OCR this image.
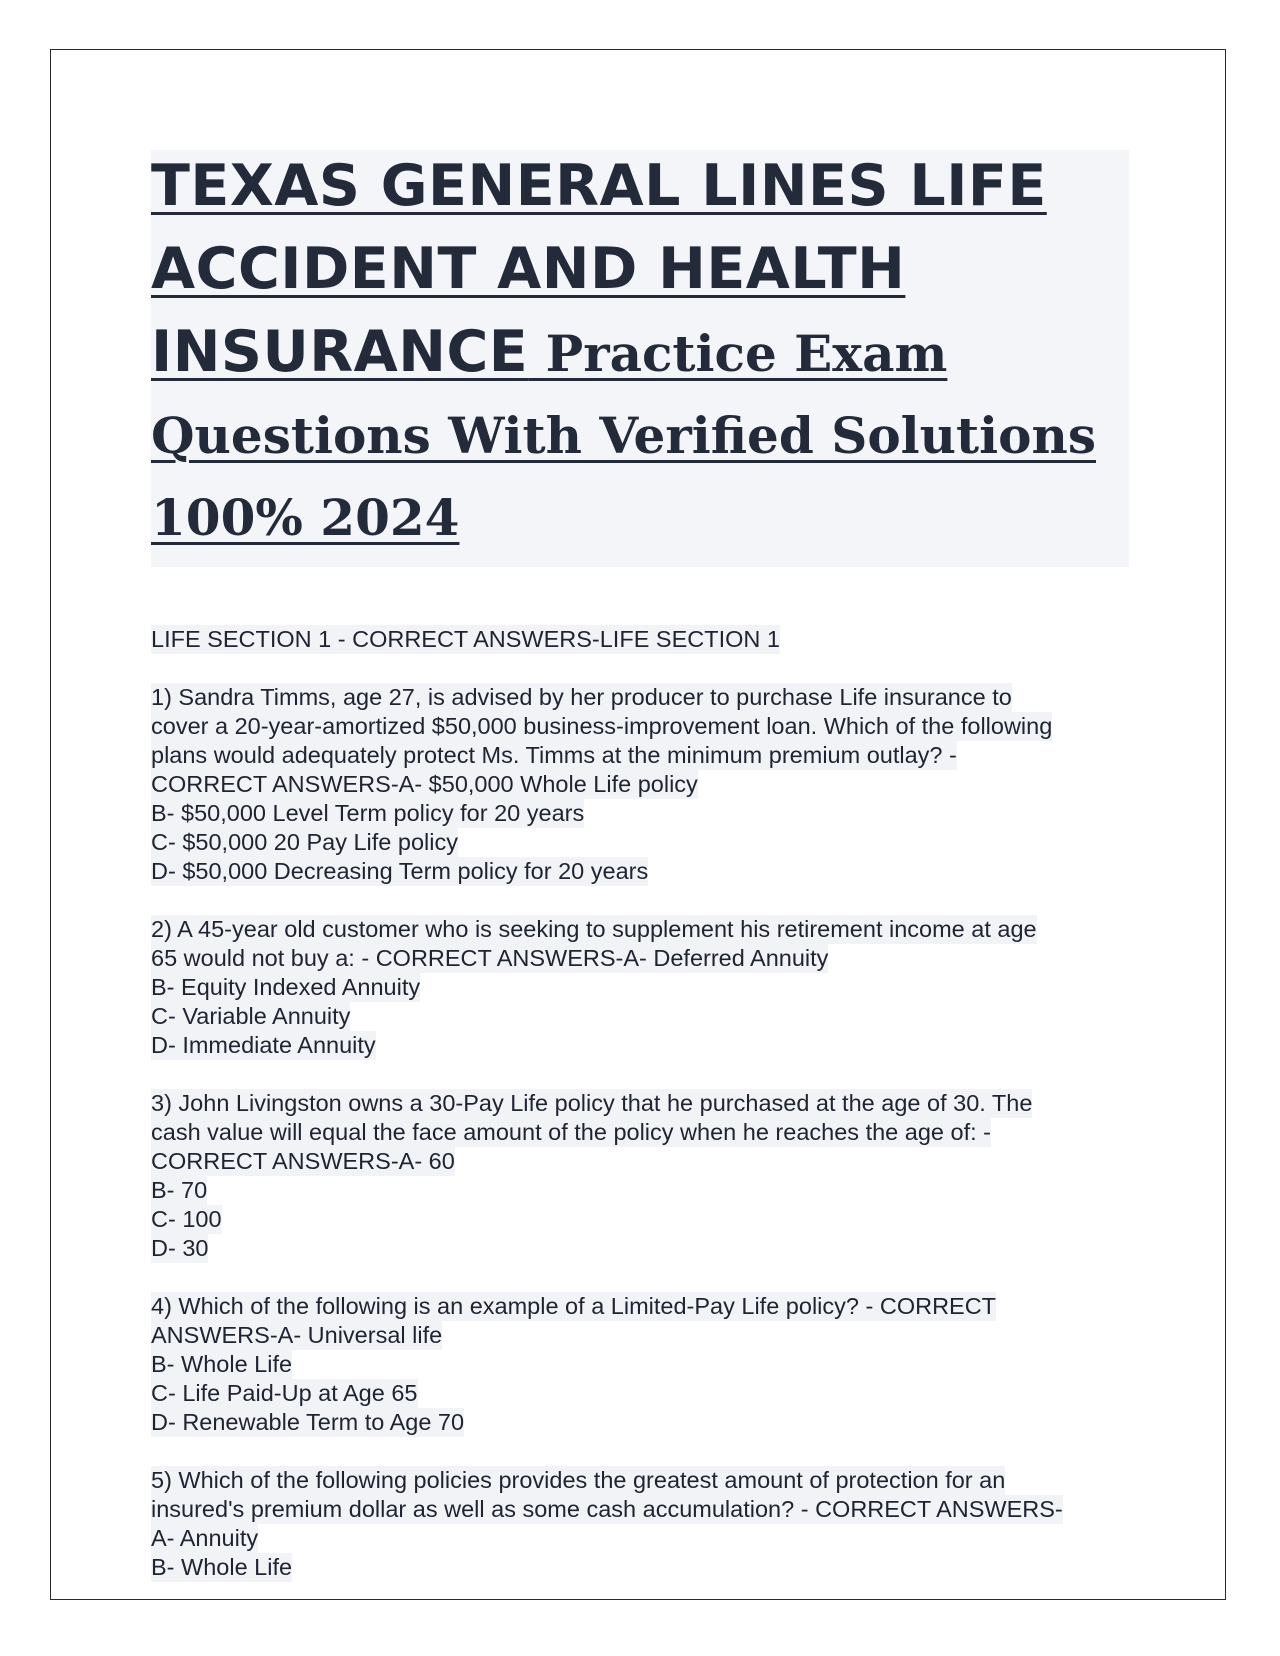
TEXAS GENERAL LINES LIFE
ACCIDENT AND HEALTH
INSURANCE Practice Exam
Questions With Verified Solutions
100% 2024
LIFE SECTION 1 - CORRECT ANSWERS-LIFE SECTION 1
1) Sandra Timms, age 27, is advised by her producer to purchase Life insurance to
cover a 20-year-amortized $50,000 business-improvement loan. Which of the following
plans would adequately protect Ms. Timms at the minimum premium outlay? -
CORRECT ANSWERS-A- $50,000 Whole Life policy
B- $50,000 Level Term policy for 20 years
C- $50,000 20 Pay Life policy
D- $50,000 Decreasing Term policy for 20 years
2) A 45-year old customer who is seeking to supplement his retirement income at age
65 would not buy a: - CORRECT ANSWERS-A- Deferred Annuity
B- Equity Indexed Annuity
C- Variable Annuity
D- Immediate Annuity
3) John Livingston owns a 30-Pay Life policy that he purchased at the age of 30. The
cash value will equal the face amount of the policy when he reaches the age of: -
CORRECT ANSWERS-A- 60
B- 70
C- 100
D- 30
4) Which of the following is an example of a Limited-Pay Life policy? - CORRECT
ANSWERS-A- Universal life
B- Whole Life
C- Life Paid-Up at Age 65
D- Renewable Term to Age 70
5) Which of the following policies provides the greatest amount of protection for an
insured's premium dollar as well as some cash accumulation? - CORRECT ANSWERS-
A- Annuity
B- Whole Life
